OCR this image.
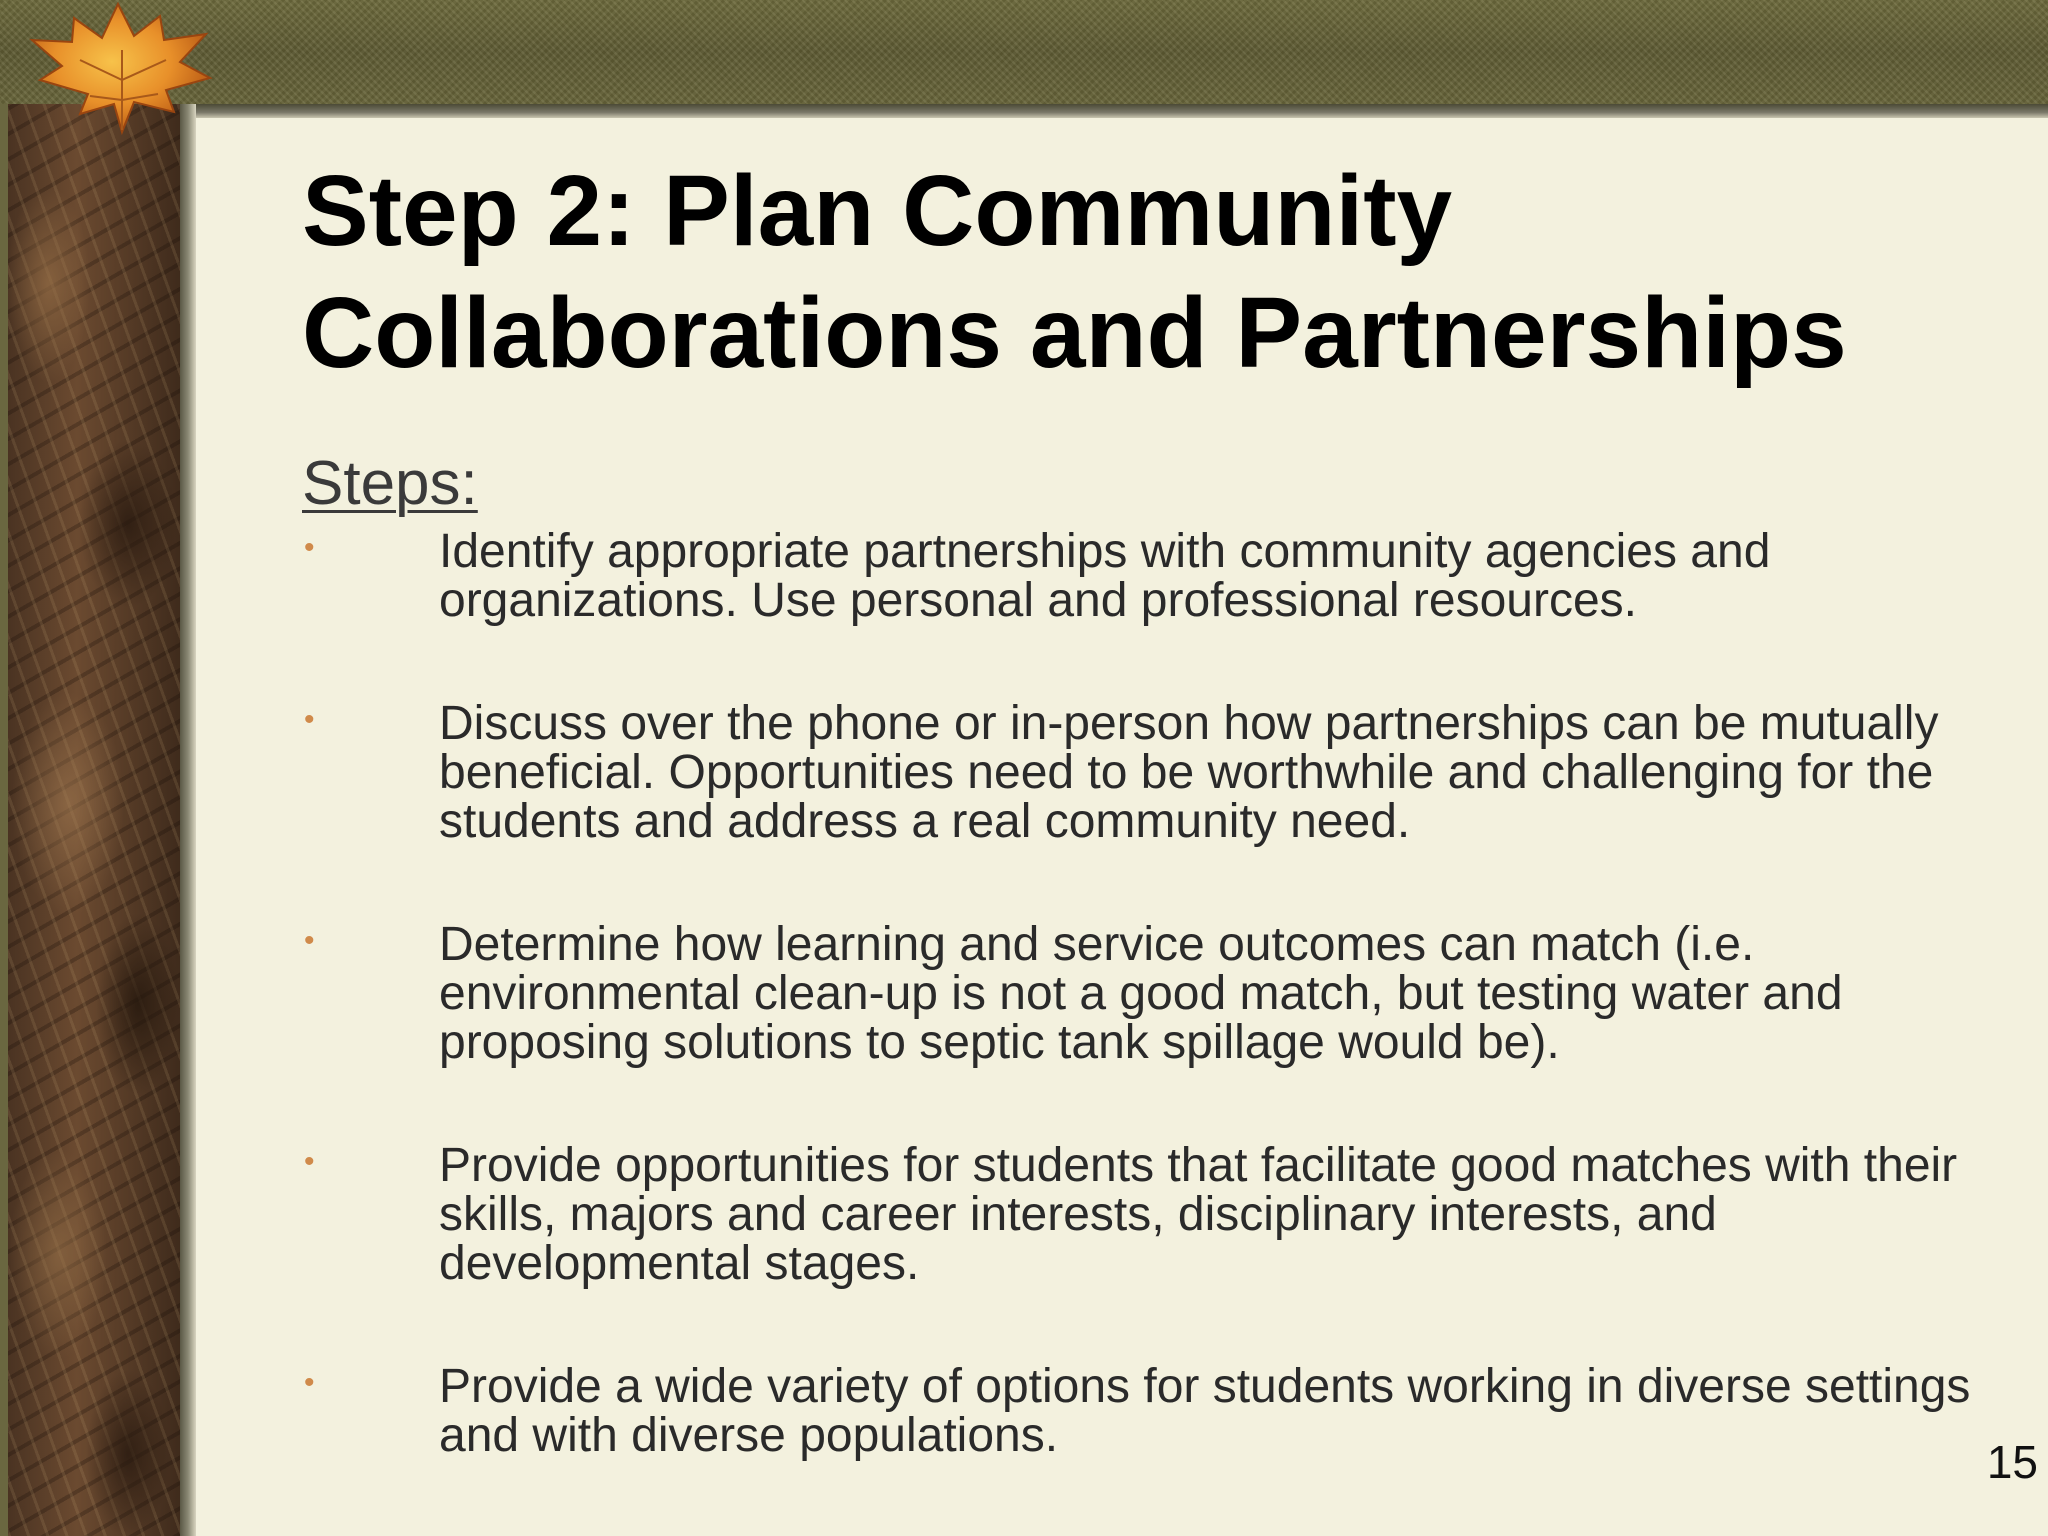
Step 2: Plan Community
Collaborations and Partnerships
Steps:
•	Identify appropriate partnerships with community agencies and organizations. Use personal and professional resources.
•	Discuss over the phone or in-person how partnerships can be mutually beneficial. Opportunities need to be worthwhile and challenging for the students and address a real community need.
•	Determine how learning and service outcomes can match (i.e. environmental clean-up is not a good match, but testing water and proposing solutions to septic tank spillage would be).
•	Provide opportunities for students that facilitate good matches with their skills, majors and career interests, disciplinary interests, and developmental stages.
•	Provide a wide variety of options for students working in diverse settings and with diverse populations.	15
